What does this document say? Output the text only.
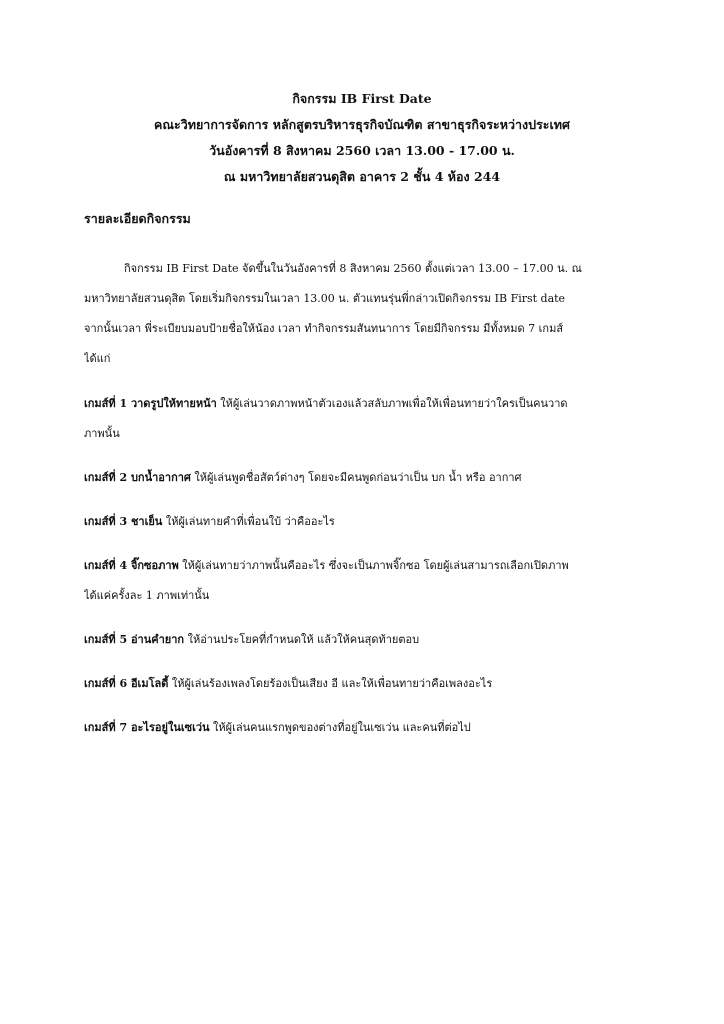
กิจกรรม IB First Date
คณะวิทยาการจัดการ หลักสูตรบริหารธุรกิจบัณฑิต สาขาธุรกิจระหว่างประเทศ
วันอังคารที่ 8 สิงหาคม 2560 เวลา 13.00 - 17.00 น.
ณ มหาวิทยาลัยสวนดุสิต อาคาร 2 ชั้น 4 ห้อง 244
รายละเอียดกิจกรรม
กิจกรรม IB First Date จัดขึ้นในวันอังคารที่ 8 สิงหาคม 2560 ตั้งแต่เวลา 13.00 – 17.00 น. ณ
มหาวิทยาลัยสวนดุสิต โดยเริ่มกิจกรรมในเวลา 13.00 น. ตัวแทนรุ่นพี่กล่าวเปิดกิจกรรม IB First date
จากนั้นเวลา พี่ระเบียบมอบป้ายชื่อให้น้อง เวลา ทำกิจกรรมสันทนาการ โดยมีกิจกรรม มีทั้งหมด 7 เกมส์
ได้แก่
เกมส์ที่ 1 วาดรูปให้ทายหน้า ให้ผู้เล่นวาดภาพหน้าตัวเองแล้วสลับภาพเพื่อให้เพื่อนทายว่าใครเป็นคนวาด
ภาพนั้น
เกมส์ที่ 2 บกน้ำอากาศ ให้ผู้เล่นพูดชื่อสัตว์ต่างๆ โดยจะมีคนพูดก่อนว่าเป็น บก น้ำ หรือ อากาศ
เกมส์ที่ 3 ชาเย็น ให้ผู้เล่นทายคำที่เพื่อนใบ้ ว่าคืออะไร
เกมส์ที่ 4 จิ๊กซอภาพ ให้ผู้เล่นทายว่าภาพนั้นคืออะไร ซึ่งจะเป็นภาพจิ๊กซอ โดยผู้เล่นสามารถเลือกเปิดภาพ
ได้แค่ครั้งละ 1 ภาพเท่านั้น
เกมส์ที่ 5 อ่านคำยาก ให้อ่านประโยคที่กำหนดให้ แล้วให้คนสุดท้ายตอบ
เกมส์ที่ 6 อีเมโลดี้ ให้ผู้เล่นร้องเพลงโดยร้องเป็นเสียง อี และให้เพื่อนทายว่าคือเพลงอะไร
เกมส์ที่ 7 อะไรอยู่ในเซเว่น ให้ผู้เล่นคนแรกพูดของต่างที่อยู่ในเซเว่น และคนที่ต่อไป
